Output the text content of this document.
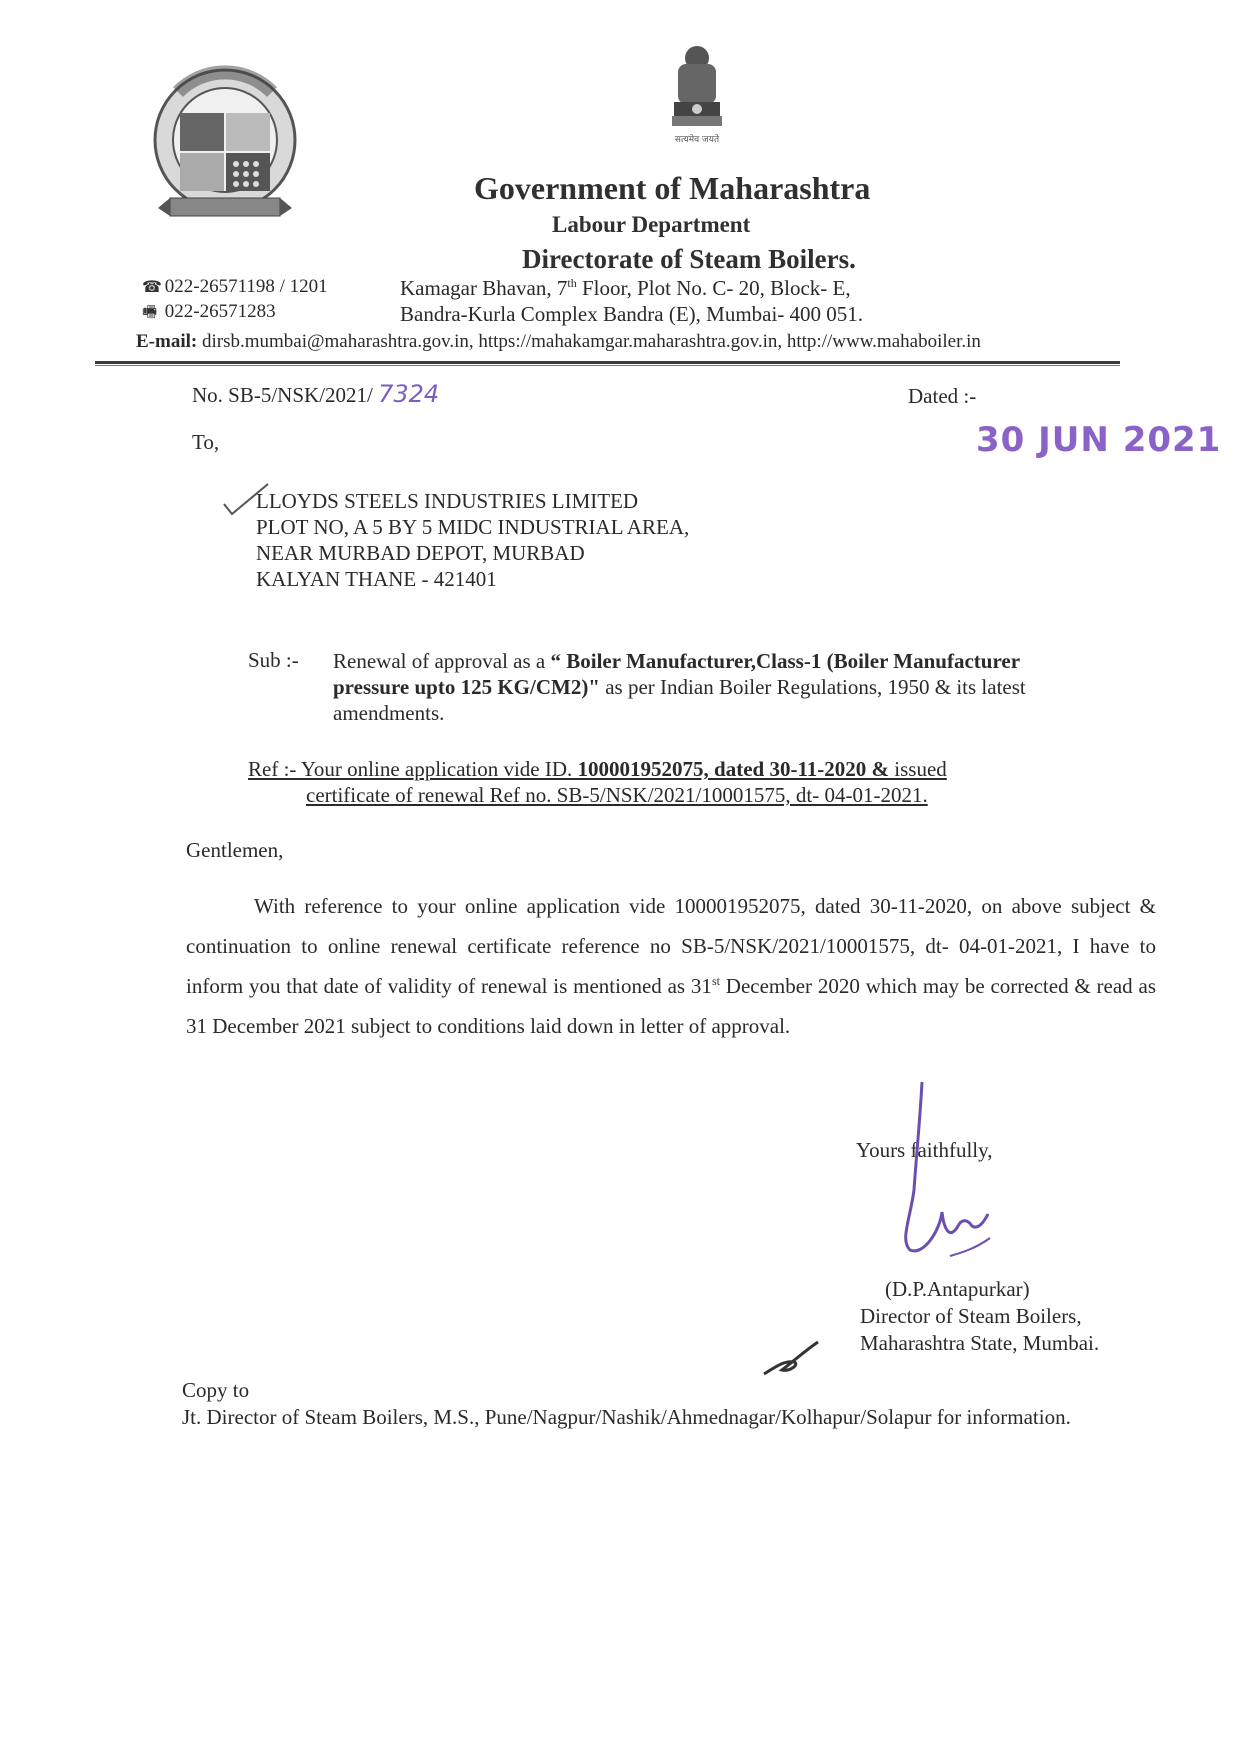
सत्यमेव जयते
Government of Maharashtra
Labour Department
Directorate of Steam Boilers.
☎ 022-26571198 / 1201
🖷 022-26571283
Kamagar Bhavan, 7th Floor, Plot No. C- 20, Block- E,
Bandra-Kurla Complex Bandra (E), Mumbai- 400 051.
E-mail: dirsb.mumbai@maharashtra.gov.in, https://mahakamgar.maharashtra.gov.in, http://www.mahaboiler.in
No. SB-5/NSK/2021/ 7324	Dated :-
30 JUN 2021
To,
LLOYDS STEELS INDUSTRIES LIMITED
PLOT NO, A 5 BY 5 MIDC INDUSTRIAL AREA,
NEAR MURBAD DEPOT, MURBAD
KALYAN THANE - 421401
Sub :- Renewal of approval as a “ Boiler Manufacturer,Class-1 (Boiler Manufacturer pressure upto 125 KG/CM2)" as per Indian Boiler Regulations, 1950 & its latest amendments.
Ref :- Your online application vide ID. 100001952075, dated 30-11-2020 & issued
certificate of renewal Ref no. SB-5/NSK/2021/10001575, dt- 04-01-2021.
Gentlemen,
With reference to your online application vide 100001952075, dated 30-11-2020, on above subject & continuation to online renewal certificate reference no SB-5/NSK/2021/10001575, dt- 04-01-2021, I have to inform you that date of validity of renewal is mentioned as 31st December 2020 which may be corrected & read as 31 December 2021 subject to conditions laid down in letter of approval.
Yours faithfully,
(D.P.Antapurkar)
Director of Steam Boilers,
Maharashtra State, Mumbai.
Copy to
Jt. Director of Steam Boilers, M.S., Pune/Nagpur/Nashik/Ahmednagar/Kolhapur/Solapur for information.
